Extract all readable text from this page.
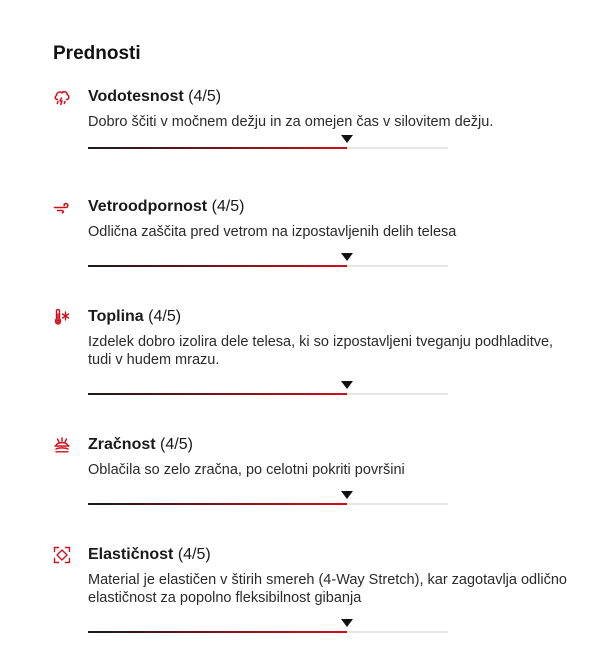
Prednosti
Vodotesnost (4/5)
Dobro ščiti v močnem dežju in za omejen čas v silovitem dežju.
Vetroodpornost (4/5)
Odlična zaščita pred vetrom na izpostavljenih delih telesa
Toplina (4/5)
Izdelek dobro izolira dele telesa, ki so izpostavljeni tveganju podhladitve, tudi v hudem mrazu.
Zračnost (4/5)
Oblačila so zelo zračna, po celotni pokriti površini
Elastičnost (4/5)
Material je elastičen v štirih smereh (4-Way Stretch), kar zagotavlja odlično elastičnost za popolno fleksibilnost gibanja
